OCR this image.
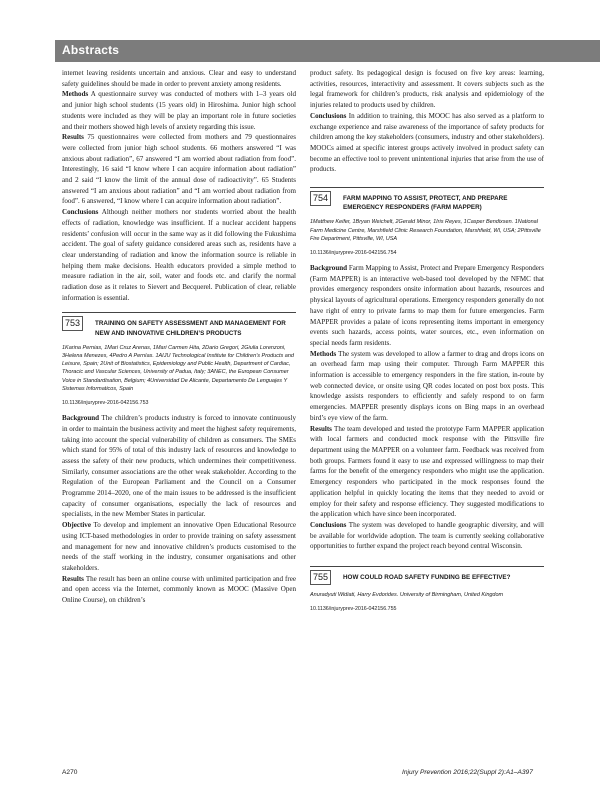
Abstracts

internet leaving residents uncertain and anxious. Clear and easy to understand safety guidelines should be made in order to prevent anxiety among residents.

Methods A questionnaire survey was conducted of mothers with 1–3 years old and junior high school students (15 years old) in Hiroshima. Junior high school students were included as they will be play an important role in future societies and their mothers showed high levels of anxiety regarding this issue.

Results 75 questionnaires were collected from mothers and 79 questionnaires were collected from junior high school students. 66 mothers answered “I was anxious about radiation”, 67 answered “I am worried about radiation from food”. Interestingly, 16 said “I know where I can acquire information about radiation” and 2 said “I know the limit of the annual dose of radioactivity”. 65 Students answered “I am anxious about radiation” and “I am worried about radiation from food”. 6 answered, “I know where I can acquire information about radiation”.

Conclusions Although neither mothers nor students worried about the health effects of radiation, knowledge was insufficient. If a nuclear accident happens residents’ confusion will occur in the same way as it did following the Fukushima accident. The goal of safety guidance considered areas such as, residents have a clear understanding of radiation and know the information source is reliable in helping them make decisions. Health educators provided a simple method to measure radiation in the air, soil, water and foods etc. and clarify the normal radiation dose as it relates to Sievert and Becquerel. Publication of clear, reliable information is essential.

753	TRAINING ON SAFETY ASSESSMENT AND MANAGEMENT FOR NEW AND INNOVATIVE CHILDREN’S PRODUCTS
1Karina Pernias, 1Mari Cruz Arenas, 1Mari Carmen Hita, 2Dario Gregori, 2Giulia Lorenzoni, 3Helena Menezes, 4Pedro A Pernías. 1AIJU Technological Institute for Children’s Products and Leisure, Spain; 2Unit of Biostatistics, Epidemiology and Public Health, Department of Cardiac, Thoracic and Vascular Sciences, University of Padua, Italy; 3ANEC, the European Consumer Voice in Standardisation, Belgium; 4Universidad De Alicante, Departamento De Lenguajes Y Sistemas Informaticos, Spain
10.1136/injuryprev-2016-042156.753

Background The children’s products industry is forced to innovate continuously in order to maintain the business activity and meet the highest safety requirements, taking into account the special vulnerability of children as consumers. The SMEs which stand for 95% of total of this industry lack of resources and knowledge to assess the safety of their new products, which undermines their competitiveness. Similarly, consumer associations are the other weak stakeholder. According to the Regulation of the European Parliament and the Council on a Consumer Programme 2014–2020, one of the main issues to be addressed is the insufficient capacity of consumer organisations, especially the lack of resources and specialists, in the new Member States in particular.

Objective To develop and implement an innovative Open Educational Resource using ICT-based methodologies in order to provide training on safety assessment and management for new and innovative children’s products customised to the needs of the staff working in the industry, consumer organisations and other stakeholders.

Results The result has been an online course with unlimited participation and free and open access via the Internet, commonly known as MOOC (Massive Open Online Course), on children’s

product safety. Its pedagogical design is focused on five key areas: learning, activities, resources, interactivity and assessment. It covers subjects such as the legal framework for children’s products, risk analysis and epidemiology of the injuries related to products used by children.

Conclusions In addition to training, this MOOC has also served as a platform to exchange experience and raise awareness of the importance of safety products for children among the key stakeholders (consumers, industry and other stakeholders). MOOCs aimed at specific interest groups actively involved in product safety can become an effective tool to prevent unintentional injuries that arise from the use of products.

754	FARM MAPPING TO ASSIST, PROTECT, AND PREPARE EMERGENCY RESPONDERS (FARM MAPPER)
1Matthew Keifer, 1Bryan Weichelt, 2Gerald Minor, 1Iris Reyes, 1Casper Bendixsen. 1National Farm Medicine Centre, Marshfield Clinic Research Foundation, Marshfield, WI, USA; 2Pittsville Fire Department, Pittsville, WI, USA
10.1136/injuryprev-2016-042156.754

Background Farm Mapping to Assist, Protect and Prepare Emergency Responders (Farm MAPPER) is an interactive web-based tool developed by the NFMC that provides emergency responders onsite information about hazards, resources and physical layouts of agricultural operations. Emergency responders generally do not have right of entry to private farms to map them for future emergencies. Farm MAPPER provides a palate of icons representing items important in emergency events such hazards, access points, water sources, etc., even information on special needs farm residents.

Methods The system was developed to allow a farmer to drag and drops icons on an overhead farm map using their computer. Through Farm MAPPER this information is accessible to emergency responders in the fire station, in-route by web connected device, or onsite using QR codes located on post box posts. This knowledge assists responders to efficiently and safely respond to on farm emergencies. MAPPER presently displays icons on Bing maps in an overhead bird’s eye view of the farm.

Results The team developed and tested the prototype Farm MAPPER application with local farmers and conducted mock response with the Pittsville fire department using the MAPPER on a volunteer farm. Feedback was received from both groups. Farmers found it easy to use and expressed willingness to map their farms for the benefit of the emergency responders who might use the application. Emergency responders who participated in the mock responses found the application helpful in quickly locating the items that they needed to avoid or employ for their safety and response efficiency. They suggested modifications to the application which have since been incorporated.

Conclusions The system was developed to handle geographic diversity, and will be available for worldwide adoption. The team is currently seeking collaborative opportunities to further expand the project reach beyond central Wisconsin.

755	HOW COULD ROAD SAFETY FUNDING BE EFFECTIVE?
Anuradyuti Widiati, Harry Evdorides. University of Birmingham, United Kingdom
10.1136/injuryprev-2016-042156.755
A270	Injury Prevention 2016;22(Suppl 2):A1–A397
